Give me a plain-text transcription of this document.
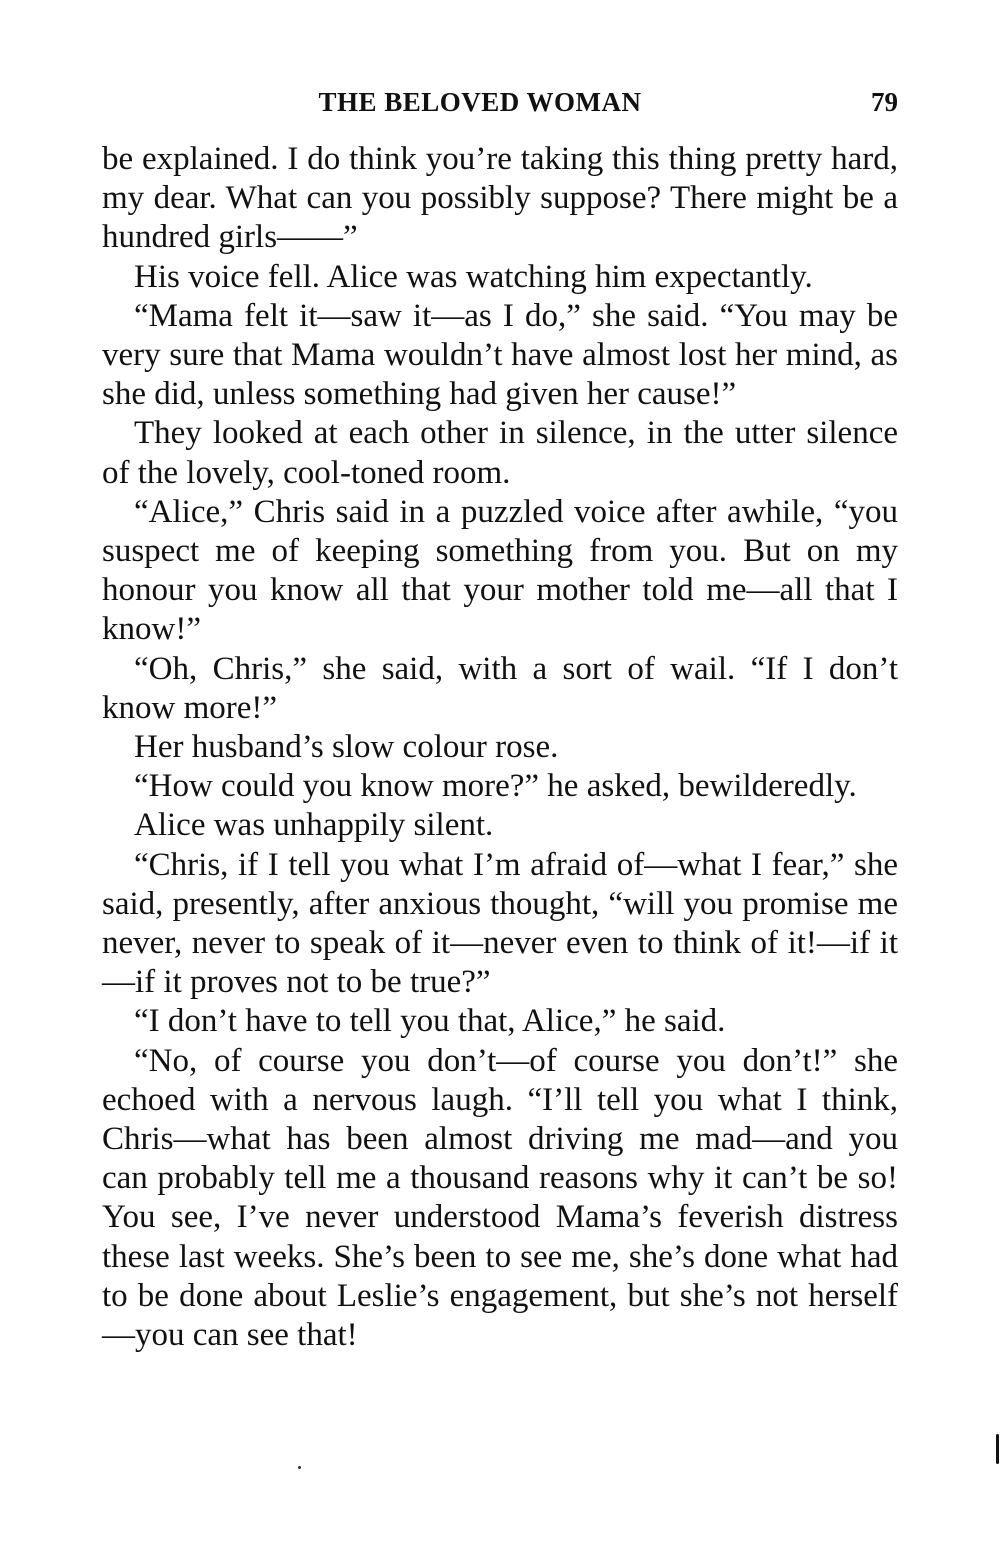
THE BELOVED WOMAN	79

be explained. I do think you’re taking this thing pretty hard, my dear. What can you possibly suppose? There might be a hundred girls——”

His voice fell. Alice was watching him expectantly.

“Mama felt it—saw it—as I do,” she said. “You may be very sure that Mama wouldn’t have almost lost her mind, as she did, unless something had given her cause!”

They looked at each other in silence, in the utter silence of the lovely, cool-toned room.

“Alice,” Chris said in a puzzled voice after awhile, “you suspect me of keeping something from you. But on my honour you know all that your mother told me—all that I know!”

“Oh, Chris,” she said, with a sort of wail. “If I don’t know more!”

Her husband’s slow colour rose.

“How could you know more?” he asked, bewilderedly.

Alice was unhappily silent.

“Chris, if I tell you what I’m afraid of—what I fear,” she said, presently, after anxious thought, “will you promise me never, never to speak of it—never even to think of it!—if it—if it proves not to be true?”

“I don’t have to tell you that, Alice,” he said.

“No, of course you don’t—of course you don’t!” she echoed with a nervous laugh. “I’ll tell you what I think, Chris—what has been almost driving me mad—and you can probably tell me a thousand reasons why it can’t be so! You see, I’ve never understood Mama’s feverish distress these last weeks. She’s been to see me, she’s done what had to be done about Leslie’s engagement, but she’s not herself—you can see that!
